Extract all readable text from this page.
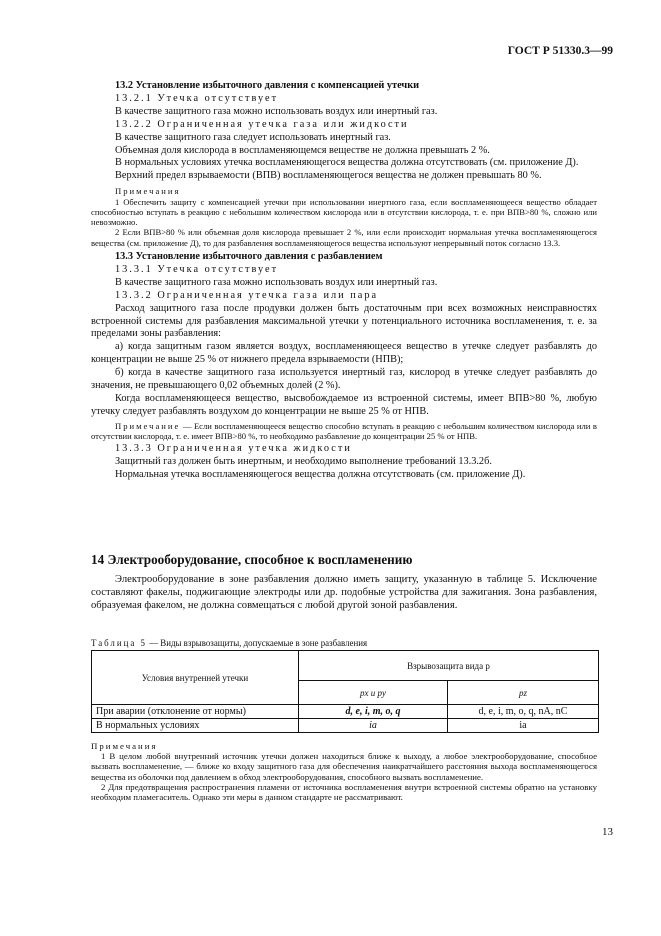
ГОСТ Р 51330.3—99

13.2 Установление избыточного давления с компенсацией утечки

13.2.1 Утечка отсутствует

В качестве защитного газа можно использовать воздух или инертный газ.

13.2.2 Ограниченная утечка газа или жидкости

В качестве защитного газа следует использовать инертный газ.

Объемная доля кислорода в воспламеняющемся веществе не должна превышать 2 %.

В нормальных условиях утечка воспламеняющегося вещества должна отсутствовать (см. приложение Д).

Верхний предел взрываемости (ВПВ) воспламеняющегося вещества не должен превышать 80 %.

Примечания

1 Обеспечить защиту с компенсацией утечки при использовании инертного газа, если воспламеняющееся вещество обладает способностью вступать в реакцию с небольшим количеством кислорода или в отсутствии кислорода, т. е. при ВПВ>80 %, сложно или невозможно.

2 Если ВПВ>80 % или объемная доля кислорода превышает 2 %, или если происходит нормальная утечка воспламеняющегося вещества (см. приложение Д), то для разбавления воспламеняющегося вещества используют непрерывный поток согласно 13.3.

13.3 Установление избыточного давления с разбавлением

13.3.1 Утечка отсутствует

В качестве защитного газа можно использовать воздух или инертный газ.

13.3.2 Ограниченная утечка газа или пара

Расход защитного газа после продувки должен быть достаточным при всех возможных неисправностях встроенной системы для разбавления максимальной утечки у потенциального источника воспламенения, т. е. за пределами зоны разбавления:

а) когда защитным газом является воздух, воспламеняющееся вещество в утечке следует разбавлять до концентрации не выше 25 % от нижнего предела взрываемости (НПВ);

б) когда в качестве защитного газа используется инертный газ, кислород в утечке следует разбавлять до значения, не превышающего 0,02 объемных долей (2 %).

Когда воспламеняющееся вещество, высвобождаемое из встроенной системы, имеет ВПВ>80 %, любую утечку следует разбавлять воздухом до концентрации не выше 25 % от НПВ.

Примечание — Если воспламеняющееся вещество способно вступать в реакцию с небольшим количеством кислорода или в отсутствии кислорода, т. е. имеет ВПВ>80 %, то необходимо разбавление до концентрации 25 % от НПВ.

13.3.3 Ограниченная утечка жидкости

Защитный газ должен быть инертным, и необходимо выполнение требований 13.3.2б.

Нормальная утечка воспламеняющегося вещества должна отсутствовать (см. приложение Д).

14 Электрооборудование, способное к воспламенению

Электрооборудование в зоне разбавления должно иметь защиту, указанную в таблице 5. Исключение составляют факелы, поджигающие электроды или др. подобные устройства для зажигания. Зона разбавления, образуемая факелом, не должна совмещаться с любой другой зоной разбавления.

Таблица 5 — Виды взрывозащиты, допускаемые в зоне разбавления
Условия внутренней утечки	Взрывозащита вида p	
	px и py	pz
При аварии (отклонение от нормы)	d, e, i, m, o, q	d, e, i, m, o, q, nA, nC
В нормальных условиях	ia	ia

Примечания

1 В целом любой внутренний источник утечки должен находиться ближе к выходу, а любое электрооборудование, способное вызвать воспламенение, — ближе ко входу защитного газа для обеспечения наикратчайшего расстояния выхода воспламеняющегося вещества из оболочки под давлением в обход электрооборудования, способного вызвать воспламенение.

2 Для предотвращения распространения пламени от источника воспламенения внутри встроенной системы обратно на установку необходим пламегаситель. Однако эти меры в данном стандарте не рассматривают.

13
